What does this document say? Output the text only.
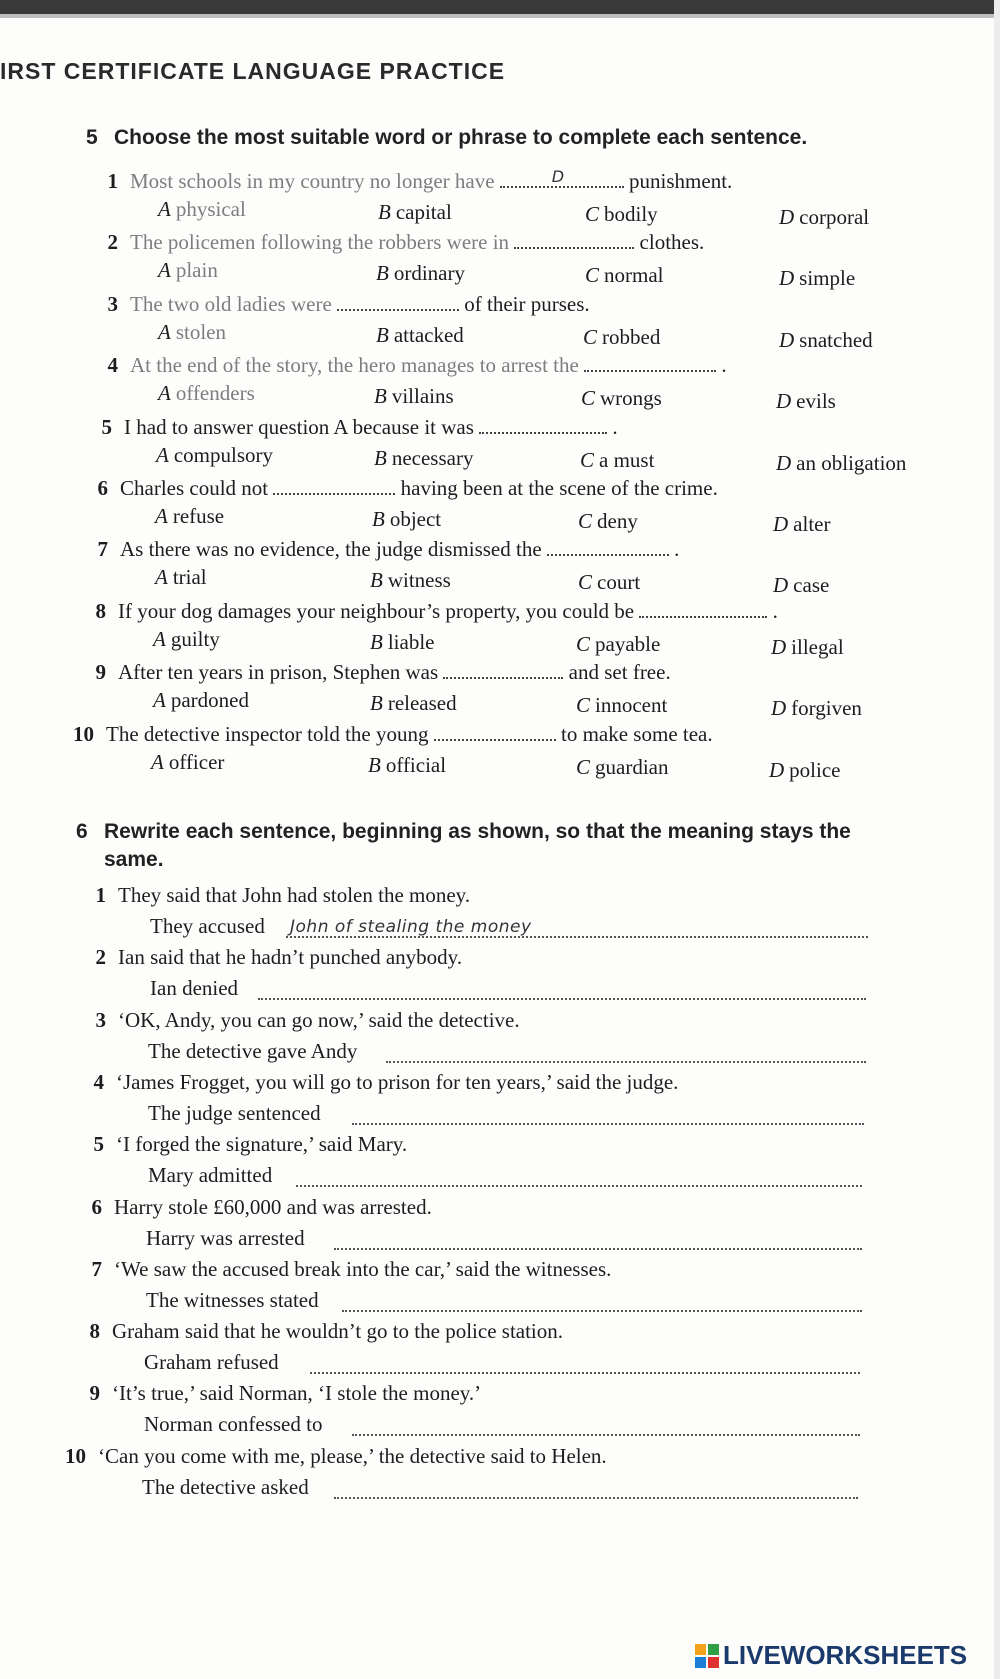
IRST CERTIFICATE LANGUAGE PRACTICE
5 Choose the most suitable word or phrase to complete each sentence.
1 Most schools in my country no longer have	D	punishment.
A physical	B capital	C bodily	D corporal
2 The policemen following the robbers were in	clothes.
A plain	B ordinary	C normal	D simple
3 The two old ladies were	of their purses.
A stolen	B attacked	C robbed	D snatched
4 At the end of the story, the hero manages to arrest the	.
A offenders	B villains	C wrongs	D evils
5 I had to answer question A because it was	.
A compulsory	B necessary	C a must	D an obligation
6 Charles could not	having been at the scene of the crime.
A refuse	B object	C deny	D alter
7 As there was no evidence, the judge dismissed the	.
A trial	B witness	C court	D case
8 If your dog damages your neighbour’s property, you could be	.
A guilty	B liable	C payable	D illegal
9 After ten years in prison, Stephen was	and set free.
A pardoned	B released	C innocent	D forgiven
10 The detective inspector told the young	to make some tea.
A officer	B official	C guardian	D police
6 Rewrite each sentence, beginning as shown, so that the meaning stays the
same.
1 They said that John had stolen the money.
They accused John of stealing the money
2 Ian said that he hadn’t punched anybody.
Ian denied
3 ‘OK, Andy, you can go now,’ said the detective.
The detective gave Andy
4 ‘James Frogget, you will go to prison for ten years,’ said the judge.
The judge sentenced
5 ‘I forged the signature,’ said Mary.
Mary admitted
6 Harry stole £60,000 and was arrested.
Harry was arrested
7 ‘We saw the accused break into the car,’ said the witnesses.
The witnesses stated
8 Graham said that he wouldn’t go to the police station.
Graham refused
9 ‘It’s true,’ said Norman, ‘I stole the money.’
Norman confessed to
10 ‘Can you come with me, please,’ the detective said to Helen.
The detective asked
LIVEWORKSHEETS
